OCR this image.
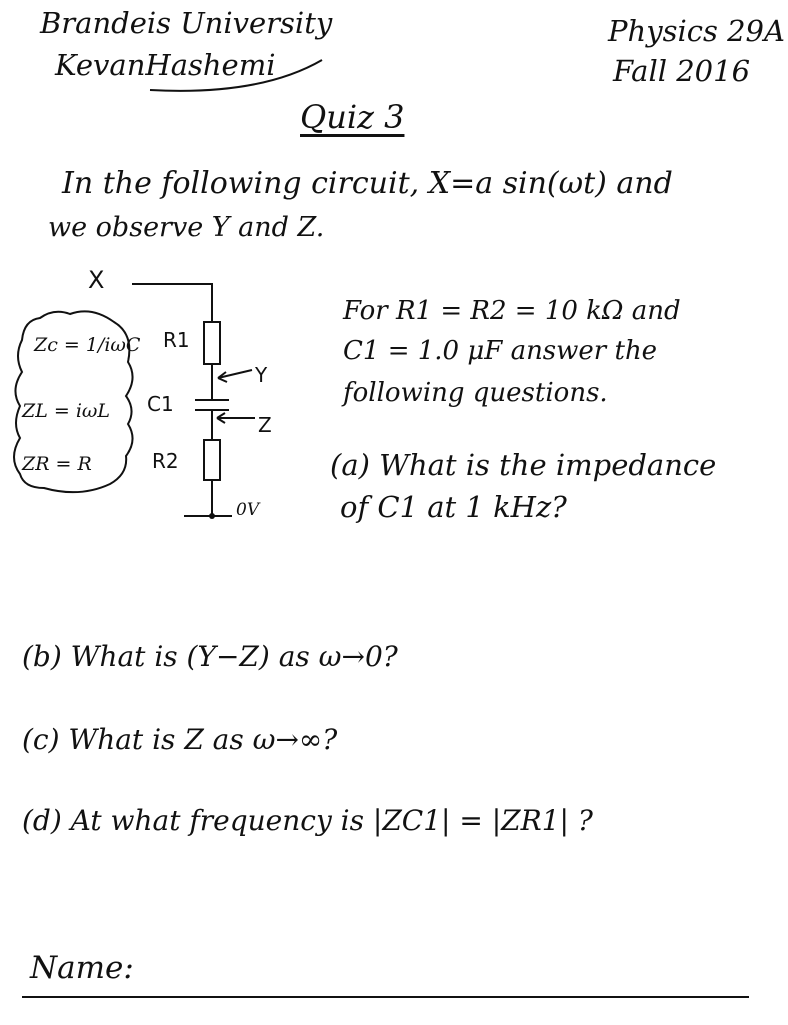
Brandeis University
KevanHashemi
Physics 29A
Fall 2016
Quiz 3
In the following circuit, X=a sin(ωt) and
we observe Y and Z.
Zc = 1/iωC
ZL = iωL
ZR = R
X
R1
C1
R2
Y
Z
0V
For R1 = R2 = 10 kΩ and
C1 = 1.0 μF answer the
following questions.
(a) What is the impedance
of C1 at 1 kHz?
(b) What is (Y−Z) as ω→0?
(c) What is Z as ω→∞?
(d) At what frequency is |ZC1| = |ZR1| ?
Name:
